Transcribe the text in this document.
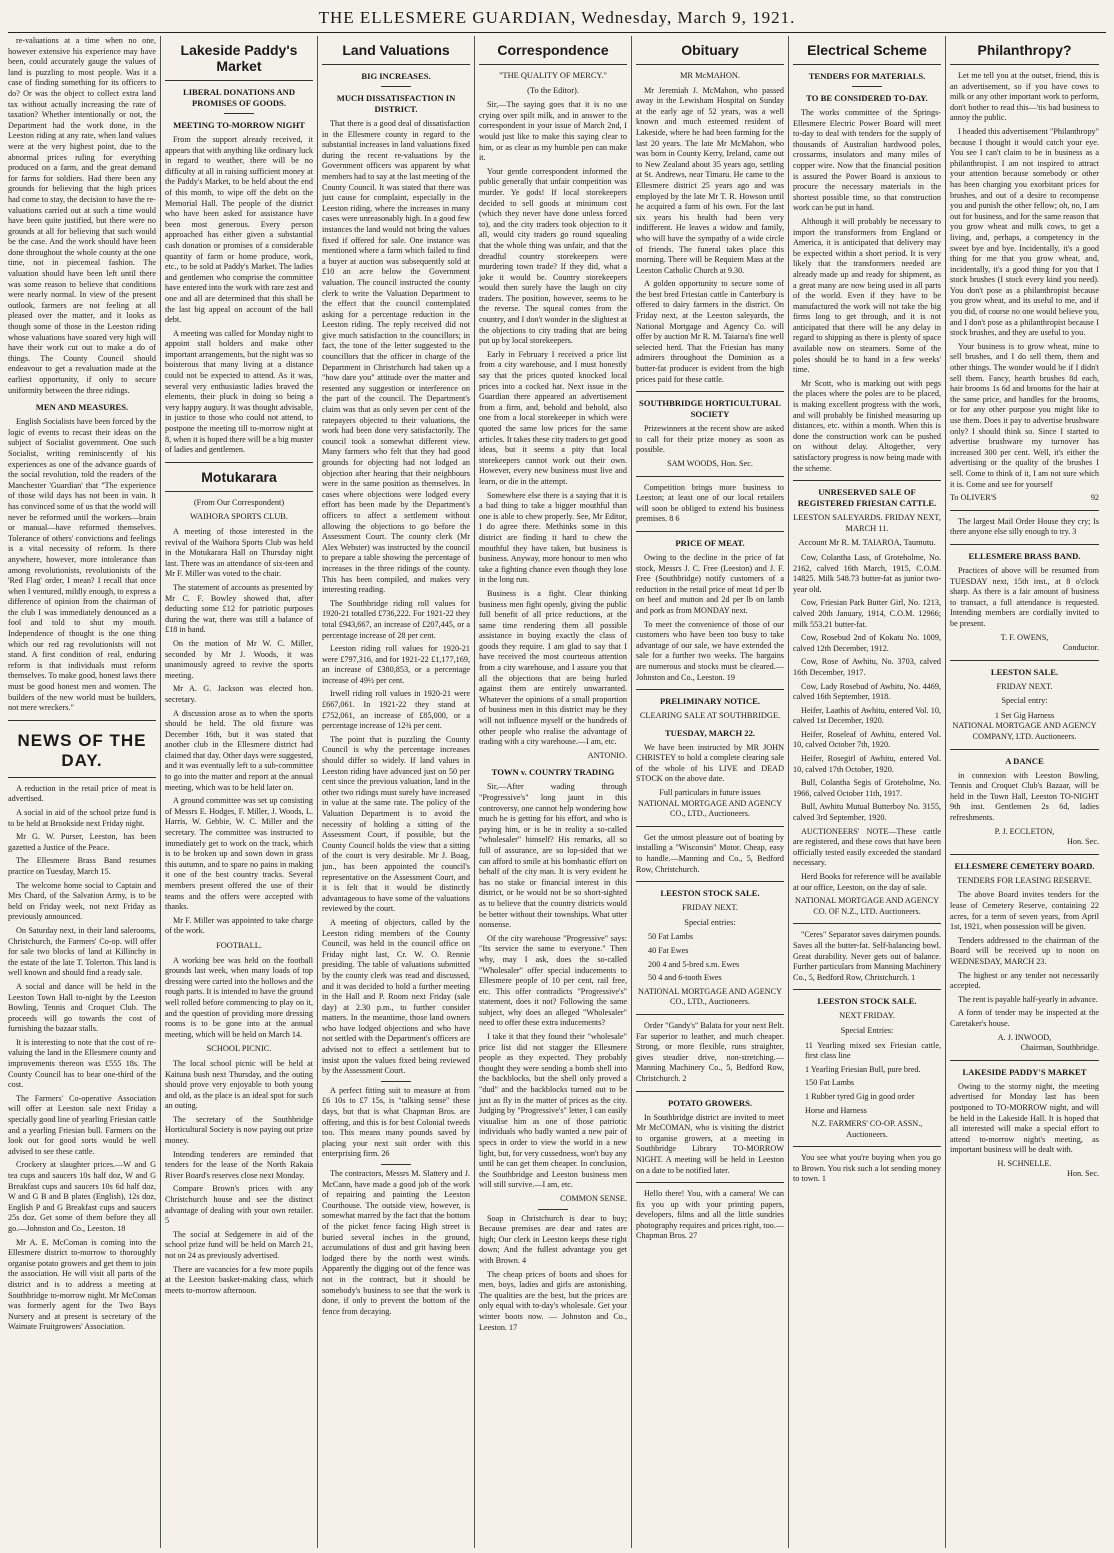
THE ELLESMERE GUARDIAN, Wednesday, March 9, 1921.

re-valuations at a time when no one, however extensive his experience may have been, could accurately gauge the values of land is puzzling to most people. Was it a case of finding something for its officers to do? Or was the object to collect extra land tax without actually increasing the rate of taxation? Whether intentionally or not, the Department had the work done, in the Leeston riding at any rate, when land values were at the very highest point, due to the abnormal prices ruling for everything produced on a farm, and the great demand for farms for soldiers. Had there been any grounds for believing that the high prices had come to stay, the decision to have the re-valuations carried out at such a time would have been quite justified, but there were no grounds at all for believing that such would be the case. And the work should have been done throughout the whole county at the one time, not in piecemeal fashion. The valuation should have been left until there was some reason to believe that conditions were nearly normal. In view of the present outlook, farmers are not feeling at all pleased over the matter, and it looks as though some of those in the Leeston riding whose valuations have soared very high will have their work cut out to make a do of things. The County Council should endeavour to get a revaluation made at the earliest opportunity, if only to secure uniformity between the three ridings.

MEN AND MEASURES.

English Socialists have been forced by the logic of events to recast their ideas on the subject of Socialist government. One such Socialist, writing reminiscently of his experiences as one of the advance guards of the social revolution, told the readers of the Manchester 'Guardian' that "The experience of those wild days has not been in vain. It has convinced some of us that the world will never be reformed until the workers—brain or manual—have reformed themselves. Tolerance of others' convictions and feelings is a vital necessity of reform. Is there anywhere, however, more intolerance than among revolutionists, revolutionists of the 'Red Flag' order, I mean? I recall that once when I ventured, mildly enough, to express a difference of opinion from the chairman of the club I was immediately denounced as a fool and told to shut my mouth. Independence of thought is the one thing which our red rag revolutionists will not stand. A first condition of real, enduring reform is that individuals must reform themselves. To make good, honest laws there must be good honest men and women. The builders of the new world must be builders, not mere wreckers."

NEWS OF THE DAY.

A reduction in the retail price of meat is advertised.

A social in aid of the school prize fund is to be held at Brookside next Friday night.

Mr G. W. Purser, Leeston, has been gazetted a Justice of the Peace.

The Ellesmere Brass Band resumes practice on Tuesday, March 15.

The welcome home social to Captain and Mrs Chard, of the Salvation Army, is to be held on Friday week, not next Friday as previously announced.

On Saturday next, in their land salerooms, Christchurch, the Farmers' Co-op. will offer for sale two blocks of land at Killinchy in the estate of the late T. Tolerton. This land is well known and should find a ready sale.

A social and dance will be held in the Leeston Town Hall to-night by the Leeston Bowling, Tennis and Croquet Club. The proceeds will go towards the cost of furnishing the bazaar stalls.

It is interesting to note that the cost of re-valuing the land in the Ellesmere county and improvements thereon was £555 18s. The County Council has to bear one-third of the cost.

The Farmers' Co-operative Association will offer at Leeston sale next Friday a specially good line of yearling Friesian cattle and a yearling Friesian bull. Farmers on the look out for good sorts would be well advised to see these cattle.

Crockery at slaughter prices.—W and G tea cups and saucers 10s half doz, W and G Breakfast cups and saucers 10s 6d half doz, W and G B and B plates (English), 12s doz, English P and G Breakfast cups and saucers 25s doz. Get some of them before they all go.—Johnston and Co., Leeston. 18

Mr A. E. McComan is coming into the Ellesmere district to-morrow to thoroughly organise potato growers and get them to join the association. He will visit all parts of the district and is to address a meeting at Southbridge to-morrow night. Mr McComan was formerly agent for the Two Bays Nursery and at present is secretary of the Waimate Fruitgrowers' Association.

Lakeside Paddy's Market
LIBERAL DONATIONS AND PROMISES OF GOODS.
MEETING TO-MORROW NIGHT

From the support already received, it appears that with anything like ordinary luck in regard to weather, there will be no difficulty at all in raising sufficient money at the Paddy's Market, to be held about the end of this month, to wipe off the debt on the Memorial Hall. The people of the district who have been asked for assistance have been most generous. Every person approached has either given a substantial cash donation or promises of a considerable quantity of farm or home produce, work, etc., to be sold at Paddy's Market. The ladies and gentlemen who comprise the committee have entered into the work with rare zest and one and all are determined that this shall be the last big appeal on account of the hall debt.

A meeting was called for Monday night to appoint stall holders and make other important arrangements, but the night was so boisterous that many living at a distance could not be expected to attend. As it was, several very enthusiastic ladies braved the elements, their pluck in doing so being a very happy augury. It was thought advisable, in justice to those who could not attend, to postpone the meeting till to-morrow night at 8, when it is hoped there will be a big muster of ladies and gentlemen.

Motukarara
(From Our Correspondent)
WAIHORA SPORTS CLUB.

A meeting of those interested in the revival of the Waihora Sports Club was held in the Motukarara Hall on Thursday night last. There was an attendance of six-teen and Mr F. Miller was voted to the chair.

The statement of accounts as presented by Mr C. F. Bowley showed that, after deducting some £12 for patriotic purposes during the war, there was still a balance of £18 in hand.

On the motion of Mr W. C. Miller, seconded by Mr J. Woods, it was unanimously agreed to revive the sports meeting.

Mr A. G. Jackson was elected hon. secretary.

A discussion arose as to when the sports should be held. The old fixture was December 16th, but it was stated that another club in the Ellesmere district had claimed that day. Other days were suggested, and it was eventually left to a sub-committee to go into the matter and report at the annual meeting, which was to be held later on.

A ground committee was set up consisting of Messrs E. Hodges, F. Miller, J. Woods, L. Harris, W. Gebbie, W. C. Miller and the secretary. The committee was instructed to immediately get to work on the track, which is to be broken up and sown down in grass this autumn, and to spare no pains in making it one of the best country tracks. Several members present offered the use of their teams and the offers were accepted with thanks.

Mr F. Miller was appointed to take charge of the work.

FOOTBALL.

A working bee was held on the football grounds last week, when many loads of top dressing were carted into the hollows and the rough parts. It is intended to have the ground well rolled before commencing to play on it, and the question of providing more dressing rooms is to be gone into at the annual meeting, which will be held on March 14.

SCHOOL PICNIC.

The local school picnic will be held at Kaituna bush next Thursday, and the outing should prove very enjoyable to both young and old, as the place is an ideal spot for such an outing.

The secretary of the Southbridge Horticultural Society is now paying out prize money.

Intending tenderers are reminded that tenders for the lease of the North Rakaia River Board's reserves close next Monday.

Compare Brown's prices with any Christchurch house and see the distinct advantage of dealing with your own retailer. 5

The social at Sedgemere in aid of the school prize fund will be held on March 21, not on 24 as previously advertised.

There are vacancies for a few more pupils at the Leeston basket-making class, which meets to-morrow afternoon.

Land Valuations
BIG INCREASES.
MUCH DISSATISFACTION IN DISTRICT.

That there is a good deal of dissatisfaction in the Ellesmere county in regard to the substantial increases in land valuations fixed during the recent re-valuations by the Government officers was apparent by what members had to say at the last meeting of the County Council. It was stated that there was just cause for complaint, especially in the Leeston riding, where the increases in many cases were unreasonably high. In a good few instances the land would not bring the values fixed if offered for sale. One instance was mentioned where a farm which failed to find a buyer at auction was subsequently sold at £10 an acre below the Government valuation. The council instructed the county clerk to write the Valuation Department to the effect that the council contemplated asking for a percentage reduction in the Leeston riding. The reply received did not give much satisfaction to the councillors; in fact, the tone of the letter suggested to the councillors that the officer in charge of the Department in Christchurch had taken up a "how dare you" attitude over the matter and resented any suggestion or interference on the part of the council. The Department's claim was that as only seven per cent of the ratepayers objected to their valuations, the work had been done very satisfactorily. The council took a somewhat different view. Many farmers who felt that they had good grounds for objecting had not lodged an objection after hearing that their neighbours were in the same position as themselves. In cases where objections were lodged every effort has been made by the Department's officers to affect a settlement without allowing the objections to go before the Assessment Court. The county clerk (Mr Alex Webster) was instructed by the council to prepare a table showing the percentage of increases in the three ridings of the county. This has been compiled, and makes very interesting reading.

The Southbridge riding roll values for 1920-21 totalled £736,222. For 1921-22 they total £943,667, an increase of £207,445, or a percentage increase of 28 per cent.

Leeston riding roll values for 1920-21 were £797,316, and for 1921-22 £1,177,169, an increase of £380,853, or a percentage increase of 49½ per cent.

Irwell riding roll values in 1920-21 were £667,061. In 1921-22 they stand at £752,061, an increase of £85,000, or a percentage increase of 12¾ per cent.

The point that is puzzling the County Council is why the percentage increases should differ so widely. If land values in Leeston riding have advanced just on 50 per cent since the previous valuation, land in the other two ridings must surely have increased in value at the same rate. The policy of the Valuation Department is to avoid the necessity of holding a sitting of the Assessment Court, if possible, but the County Council holds the view that a sitting of the court is very desirable. Mr J. Boag, jun., has been appointed the council's representative on the Assessment Court, and it is felt that it would be distinctly advantageous to have some of the valuations reviewed by the court.

A meeting of objectors, called by the Leeston riding members of the County Council, was held in the council office on Friday night last, Cr. W. O. Rennie presiding. The table of valuations submitted by the county clerk was read and discussed, and it was decided to hold a further meeting in the Hall and P. Room next Friday (sale day) at 2.30 p.m., to further consider matters. In the meantime, those land owners who have lodged objections and who have not settled with the Department's officers are advised not to effect a settlement but to insist upon the values fixed being reviewed by the Assessment Court.

A perfect fitting suit to measure at from £6 10s to £7 15s, is "talking sense" these days, but that is what Chapman Bros. are offering, and this is for best Colonial tweeds too. This means many pounds saved by placing your next suit order with this enterprising firm. 26

The contractors, Messrs M. Slattery and J. McCann, have made a good job of the work of repairing and painting the Leeston Courthouse. The outside view, however, is somewhat marred by the fact that the bottom of the picket fence facing High street is buried several inches in the ground, accumulations of dust and grit having been lodged there by the north west winds. Apparently the digging out of the fence was not in the contract, but it should be somebody's business to see that the work is done, if only to prevent the bottom of the fence from decaying.

Correspondence
"THE QUALITY OF MERCY."
(To the Editor).

Sir,—The saying goes that it is no use crying over spilt milk, and in answer to the correspondent in your issue of March 2nd, I would just like to make this saying clear to him, or as clear as my humble pen can make it.

Your gentle correspondent informed the public generally that unfair competition was murder. Ye gods! If local storekeepers decided to sell goods at minimum cost (which they never have done unless forced to), and the city traders took objection to it all, would city traders go round squealing that the whole thing was unfair, and that the dreadful country storekeepers were murdering town trade? If they did, what a joke it would be. Country storekeepers would then surely have the laugh on city traders. The position, however, seems to be the reverse. The squeal comes from the country, and I don't wonder in the slightest at the objections to city trading that are being put up by local storekeepers.

Early in February I received a price list from a city warehouse, and I must honestly say that the prices quoted knocked local prices into a cocked hat. Next issue in the Guardian there appeared an advertisement from a firm, and, behold and behold, also one from a local storekeeper in which were quoted the same low prices for the same articles. It takes these city traders to get good ideas, but it seems a pity that local storekeepers cannot work out their own. However, every new business must live and learn, or die in the attempt.

Somewhere else there is a saying that it is a bad thing to take a bigger mouthful than one is able to chew properly. See, Mr Editor, I do agree there. Methinks some in this district are finding it hard to chew the mouthful they have taken, but business is business. Anyway, more honour to men who take a fighting chance even though they lose in the long run.

Business is a fight. Clear thinking business men fight openly, giving the public full benefit of all price reductions, at the same time rendering them all possible assistance in buying exactly the class of goods they require. I am glad to say that I have received the most courteous attention from a city warehouse, and I assure you that all the objections that are being hurled against them are entirely unwarranted. Whatever the opinions of a small proportion of business men in this district may be they will not influence myself or the hundreds of other people who realise the advantage of trading with a city warehouse.—I am, etc.

ANTONIO.
TOWN v. COUNTRY TRADING

Sir,—After wading through "Progressive's" long jaunt in this controversy, one cannot help wondering how much he is getting for his effort, and who is paying him, or is he in reality a so-called "wholesaler" himself? His remarks, all so full of assurance, are so lop-sided that we can afford to smile at his bombastic effort on behalf of the city man. It is very evident he has no stake or financial interest in this district, or he would not be so short-sighted as to believe that the country districts would be better without their townships. What utter nonsense.

Of the city warehouse "Progressive" says: "Its service the same to everyone." Then why, may I ask, does the so-called "Wholesaler" offer special inducements to Ellesmere people of 10 per cent, rail free, etc. This offer contradicts "Progressive's" statement, does it not? Following the same subject, why does an alleged "Wholesaler" need to offer these extra inducements?

I take it that they found their "wholesale" price list did not stagger the Ellesmere people as they expected. They probably thought they were sending a bomb shell into the backblocks, but the shell only proved a "dud" and the backblocks turned out to be just as fly in the matter of prices as the city. Judging by "Progressive's" letter, I can easily visualise him as one of those patriotic individuals who badly wanted a new pair of specs in order to view the world in a new light, but, for very cussedness, won't buy any until he can get them cheaper. In conclusion, the Southbridge and Leeston business men will still survive.—I am, etc.

COMMON SENSE.

Soap in Christchurch is dear to buy; Because premises are dear and rates are high; Our clerk in Leeston keeps these right down; And the fullest advantage you get with Brown. 4

The cheap prices of boots and shoes for men, boys, ladies and girls are astonishing. The qualities are the best, but the prices are only equal with to-day's wholesale. Get your winter boots now. — Johnston and Co., Leeston. 17

Obituary
MR McMAHON.

Mr Jeremiah J. McMahon, who passed away in the Lewisham Hospital on Sunday at the early age of 52 years, was a well known and much esteemed resident of Lakeside, where he had been farming for the last 20 years. The late Mr McMahon, who was born in County Kerry, Ireland, came out to New Zealand about 35 years ago, settling at St. Andrews, near Timaru. He came to the Ellesmere district 25 years ago and was employed by the late Mr T. R. Howson until he acquired a farm of his own. For the last six years his health had been very indifferent. He leaves a widow and family, who will have the sympathy of a wide circle of friends. The funeral takes place this morning. There will be Requiem Mass at the Leeston Catholic Church at 9.30.

A golden opportunity to secure some of the best bred Friesian cattle in Canterbury is offered to dairy farmers in the district. On Friday next, at the Leeston saleyards, the National Mortgage and Agency Co. will offer by auction Mr R. M. Taiaroa's fine well selected herd. That the Friesian has many admirers throughout the Dominion as a butter-fat producer is evident from the high prices paid for these cattle.

SOUTHBRIDGE HORTICULTURAL SOCIETY

Prizewinners at the recent show are asked to call for their prize money as soon as possible.

SAM WOODS, Hon. Sec.

Competition brings more business to Leeston; at least one of our local retailers will soon be obliged to extend his business premises. 8 6

PRICE OF MEAT.

Owing to the decline in the price of fat stock, Messrs J. C. Free (Leeston) and J. F. Free (Southbridge) notify customers of a reduction in the retail price of meat 1d per lb on beef and mutton and 2d per lb on lamb and pork as from MONDAY next.

To meet the convenience of those of our customers who have been too busy to take advantage of our sale, we have extended the sale for a further two weeks. The bargains are numerous and stocks must be cleared.—Johnston and Co., Leeston. 19

PRELIMINARY NOTICE.
CLEARING SALE AT SOUTHBRIDGE.
TUESDAY, MARCH 22.

We have been instructed by MR JOHN CHRISTEY to hold a complete clearing sale of the whole of his LIVE and DEAD STOCK on the above date.

Full particulars in future issues
NATIONAL MORTGAGE AND AGENCY CO., LTD., Auctioneers.

Get the utmost pleasure out of boating by installing a "Wisconsin" Motor. Cheap, easy to handle.—Manning and Co., 5, Bedford Row, Christchurch.

LEESTON STOCK SALE.
FRIDAY NEXT.
Special entries:

50 Fat Lambs

40 Fat Ewes

200 4 and 5-bred s.m. Ewes

50 4 and 6-tooth Ewes

NATIONAL MORTGAGE AND AGENCY CO., LTD., Auctioneers.

Order "Gandy's" Balata for your next Belt. Far superior to leather, and much cheaper. Strong, or more flexible, runs straighter, gives steadier drive, non-stretching.—Manning Machinery Co., 5, Bedford Row, Christchurch. 2

POTATO GROWERS.

In Southbridge district are invited to meet Mr McCOMAN, who is visiting the district to organise growers, at a meeting in Southbridge Library TO-MORROW NIGHT. A meeting will be held in Leeston on a date to be notified later.

Hello there! You, with a camera! We can fix you up with your printing papers, developers, films and all the little sundries photography requires and prices right, too.—Chapman Bros. 27

Electrical Scheme
TENDERS FOR MATERIALS.
TO BE CONSIDERED TO-DAY.

The works committee of the Springs-Ellesmere Electric Power Board will meet to-day to deal with tenders for the supply of thousands of Australian hardwood poles, crossarms, insulators and many miles of copper wire. Now that the financial position is assured the Power Board is anxious to procure the necessary materials in the shortest possible time, so that construction work can be put in hand.

Although it will probably be necessary to import the transformers from England or America, it is anticipated that delivery may be expected within a short period. It is very likely that the transformers needed are already made up and ready for shipment, as a great many are now being used in all parts of the world. Even if they have to be manufactured the work will not take the big firms long to get through, and it is not anticipated that there will be any delay in regard to shipping as there is plenty of space available now on steamers. Some of the poles should be to hand in a few weeks' time.

Mr Scott, who is marking out with pegs the places where the poles are to be placed, is making excellent progress with the work, and will probably be finished measuring up distances, etc. within a month. When this is done the construction work can be pushed on without delay. Altogether, very satisfactory progress is now being made with the scheme.

UNRESERVED SALE OF REGISTERED FRIESIAN CATTLE.
LEESTON SALEYARDS. FRIDAY NEXT, MARCH 11.
Account Mr R. M. TAIAROA, Taumutu.

Cow, Colantha Lass, of Groteholme, No. 2162, calved 16th March, 1915, C.O.M. 14825. Milk 548.73 butter-fat as junior two-year old.

Cow, Friesian Park Butter Girl, No. 1213, calved 20th January, 1914, C.O.M. 12966; milk 553.21 butter-fat.

Cow, Rosebud 2nd of Kokatu No. 1009, calved 12th December, 1912.

Cow, Rose of Awhitu, No. 3703, calved 16th December, 1917.

Cow, Lady Rosebud of Awhitu, No. 4469, calved 16th September, 1918.

Heifer, Laathis of Awhitu, entered Vol. 10, calved 1st December, 1920.

Heifer, Roseleaf of Awhitu, entered Vol. 10, calved October 7th, 1920.

Heifer, Rosegirl of Awhitu, entered Vol. 10, calved 17th October, 1920.

Bull, Colantha Segis of Groteholme, No. 1966, calved October 11th, 1917.

Bull, Awhitu Mutual Butterboy No. 3155, calved 3rd September, 1920.

AUCTIONEERS' NOTE—These cattle are registered, and these cows that have been officially tested easily exceeded the standard necessary.

Herd Books for reference will be available at our office, Leeston, on the day of sale.

NATIONAL MORTGAGE AND AGENCY CO. OF N.Z., LTD. Auctioneers.

"Ceres" Separator saves dairymen pounds. Saves all the butter-fat. Self-balancing bowl. Great durability. Never gets out of balance. Further particulars from Manning Machinery Co., 5, Bedford Row, Christchurch. 1

LEESTON STOCK SALE.
NEXT FRIDAY.
Special Entries:

11 Yearling mixed sex Friesian cattle, first class line

1 Yearling Friesian Bull, pure bred.

150 Fat Lambs

1 Rubber tyred Gig in good order

Horse and Harness

N.Z. FARMERS' CO-OP. ASSN., Auctioneers.

You see what you're buying when you go to Brown. You risk such a lot sending money to town. 1

Philanthropy?

Let me tell you at the outset, friend, this is an advertisement, so if you have cows to milk or any other important work to perform, don't bother to read this—'tis bad business to annoy the public.

I headed this advertisement "Philanthropy" because I thought it would catch your eye. You see I can't claim to be in business as a philanthropist. I am not inspired to attract your attention because somebody or other has been charging you exorbitant prices for brushes, and out of a desire to recompense you and punish the other fellow; oh, no, I am out for business, and for the same reason that you grow wheat and milk cows, to get a living, and, perhaps, a competency in the sweet bye and bye. Incidentally, it's a good thing for me that you grow wheat, and, incidentally, it's a good thing for you that I stock brushes (I stock every kind you need). You don't pose as a philanthropist because you grow wheat, and its useful to me, and if you did, of course no one would believe you, and I don't pose as a philanthropist because I stock brushes, and they are useful to you.

Your business is to grow wheat, mine to sell brushes, and I do sell them, them and other things. The wonder would be if I didn't sell them. Fancy, hearth brushes 8d each, hair brooms 1s 6d and brooms for the hair at the same price, and handles for the brooms, or for any other purpose you might like to use them. Does it pay to advertise brushware only? I should think so. Since I started to advertise brushware my turnover has increased 300 per cent. Well, it's either the advertising or the quality of the brushes I sell. Come to think of it, I am not sure which it is. Come and see for yourself

To OLIVER'S	92

The largest Mail Order House they cry; Is there anyone else silly enough to try. 3

ELLESMERE BRASS BAND.

Practices of above will be resumed from TUESDAY next, 15th inst., at 8 o'clock sharp. As there is a fair amount of business to transact, a full attendance is requested. Intending members are cordially invited to be present.

T. F. OWENS,
Conductor.
LEESTON SALE.
FRIDAY NEXT.
Special entry:
1 Set Gig Harness
NATIONAL MORTGAGE AND AGENCY COMPANY, LTD. Auctioneers.
A DANCE

in connexion with Leeston Bowling, Tennis and Croquet Club's Bazaar, will be held in the Town Hall, Leeston TO-NIGHT 9th inst. Gentlemen 2s 6d, ladies refreshments.

P. J. ECCLETON,
Hon. Sec.
ELLESMERE CEMETERY BOARD.
TENDERS FOR LEASING RESERVE.

The above Board invites tenders for the lease of Cemetery Reserve, containing 22 acres, for a term of seven years, from April 1st, 1921, when possession will be given.

Tenders addressed to the chairman of the Board will be received up to noon on WEDNESDAY, MARCH 23.

The highest or any tender not necessarily accepted.

The rent is payable half-yearly in advance.

A form of tender may be inspected at the Caretaker's house.

A. J. INWOOD,
Chairman, Southbridge.
LAKESIDE PADDY'S MARKET

Owing to the stormy night, the meeting advertised for Monday last has been postponed to TO-MORROW night, and will be held in the Lakeside Hall. It is hoped that all interested will make a special effort to attend to-morrow night's meeting, as important business will be dealt with.

H. SCHNELLE.
Hon. Sec.
